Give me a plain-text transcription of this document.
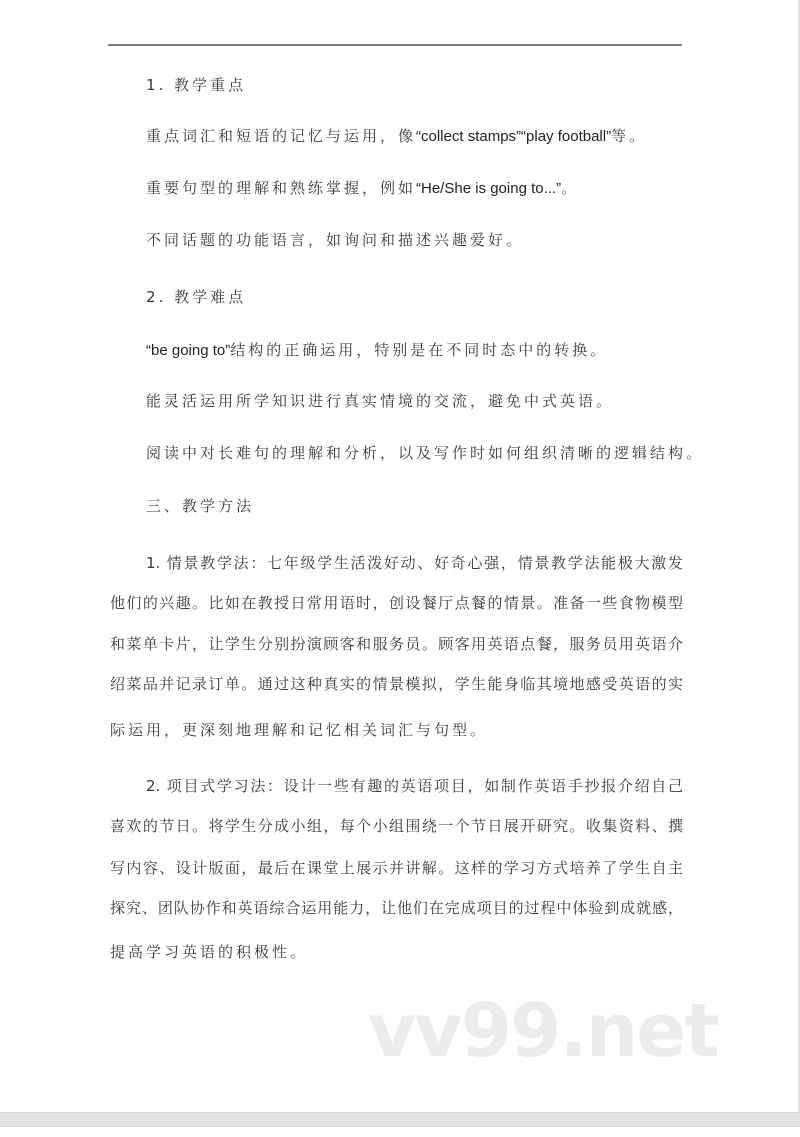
1. 教学重点
重点词汇和短语的记忆与运用，像“collect stamps”“play football”等。
重要句型的理解和熟练掌握，例如“He/She is going to...”。
不同话题的功能语言，如询问和描述兴趣爱好。
2. 教学难点
“be going to”结构的正确运用，特别是在不同时态中的转换。
能灵活运用所学知识进行真实情境的交流，避免中式英语。
阅读中对长难句的理解和分析，以及写作时如何组织清晰的逻辑结构。
三、教学方法
1. 情景教学法：七年级学生活泼好动、好奇心强，情景教学法能极大激发
他们的兴趣。比如在教授日常用语时，创设餐厅点餐的情景。准备一些食物模型
和菜单卡片，让学生分别扮演顾客和服务员。顾客用英语点餐，服务员用英语介
绍菜品并记录订单。通过这种真实的情景模拟，学生能身临其境地感受英语的实
际运用，更深刻地理解和记忆相关词汇与句型。
2. 项目式学习法：设计一些有趣的英语项目，如制作英语手抄报介绍自己
喜欢的节日。将学生分成小组，每个小组围绕一个节日展开研究。收集资料、撰
写内容、设计版面，最后在课堂上展示并讲解。这样的学习方式培养了学生自主
探究、团队协作和英语综合运用能力，让他们在完成项目的过程中体验到成就感，
提高学习英语的积极性。
vv99.net
